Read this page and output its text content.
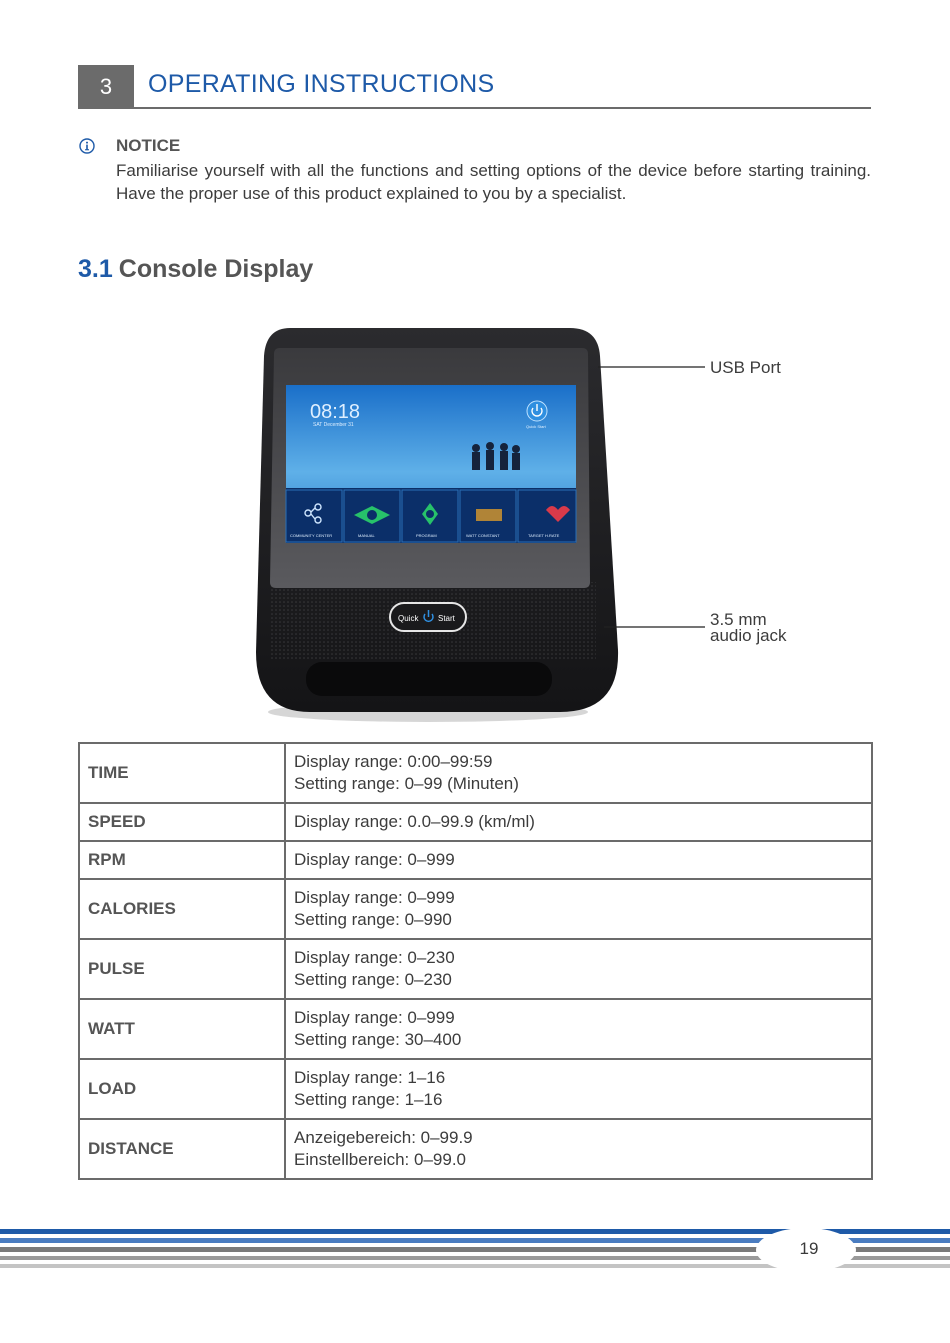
3	OPERATING INSTRUCTIONS
NOTICE
Familiarise yourself with all the functions and setting options of the device before starting training. Have the proper use of this product explained to you by a specialist.
3.1 Console Display
08:18
SAT December 31	Quick Start
COMMUNITY CENTER	MANUAL	PROGRAM	WATT CONSTANT	TARGET H.RATE
Quick Start
USB Port
3.5 mm
audio jack
TIME	Display range: 0:00–99:59
Setting range: 0–99 (Minuten)

SPEED	Display range: 0.0–99.9 (km/ml)

RPM	Display range: 0–999

CALORIES	Display range: 0–999
Setting range: 0–990

PULSE	Display range: 0–230
Setting range: 0–230

WATT	Display range: 0–999
Setting range: 30–400

LOAD	Display range: 1–16
Setting range: 1–16

DISTANCE	Anzeigebereich: 0–99.9
Einstellbereich: 0–99.0
19
